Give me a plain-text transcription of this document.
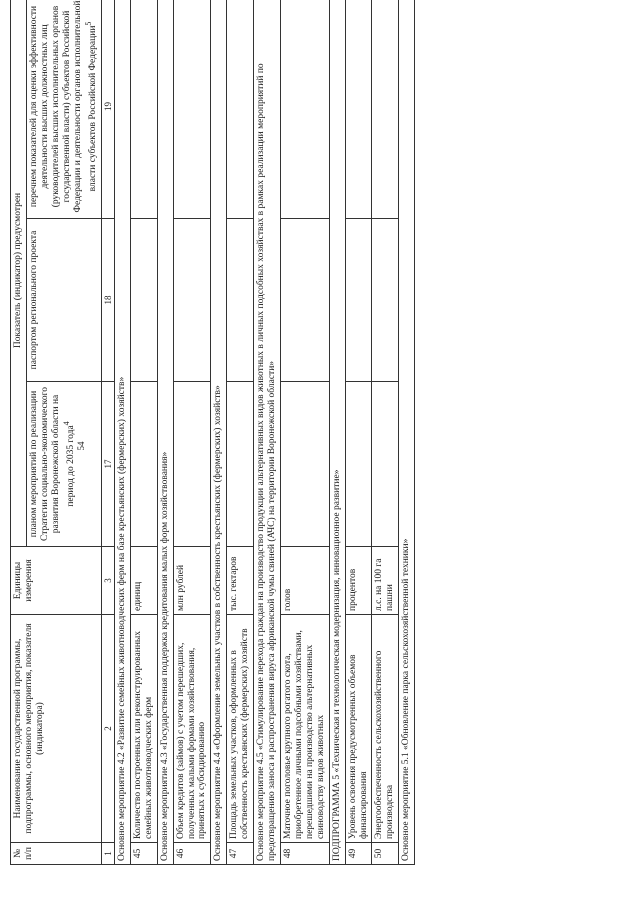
54
№ п/п	Наименование государственной программы, подпрограммы, основного мероприятия, показателя (индикатора)	Единицы измерения	Показатель (индикатор) предусмотрен		
			планом мероприятий по реализации Стратегии социально-экономического развития Воронежской области на период до 2035 года$^4$	паспортом регионального проекта	перечнем показателей для оценки эффективности деятельности высших должностных лиц (руководителей высших исполнительных органов государственной власти) субъектов Российской Федерации и деятельности органов исполнительной власти субъектов Российской Федерации$^5$
1	2	3	17	18	19
Основное мероприятие 4.2 «Развитие семейных животноводческих ферм на базе крестьянских (фермерских) хозяйств»					
45	Количество построенных или реконструированных семейных животноводческих ферм	единиц			
Основное мероприятие 4.3 «Государственная поддержка кредитования малых форм хозяйствования»					
46	Объем кредитов (займов) с учетом перешедших, полученных малыми формами хозяйствования, принятых к субсидированию	млн рублей			
Основное мероприятие 4.4 «Оформление земельных участков в собственность крестьянских (фермерских) хозяйств»					
47	Площадь земельных участков, оформленных в собственность крестьянских (фермерских) хозяйств	тыс. гектаров			
Основное мероприятие 4.5 «Стимулирование перехода граждан на производство продукции альтернативных видов животных в личных подсобных хозяйствах в рамках реализации мероприятий по предотвращению заноса и распространения вируса африканской чумы свиней (АЧС) на территории Воронежской области»					
48	Маточное поголовье крупного рогатого скота, приобретенное личными подсобными хозяйствами, перешедшими на производство альтернативных свиноводству видов животных	голов			
ПОДПРОГРАММА 5 «Техническая и технологическая модернизация, инновационное развитие»					
49	Уровень освоения предусмотренных объемов финансирования	процентов			
50	Энергообеспеченность сельскохозяйственного производства	л.с. на 100 га пашни			
Основное мероприятие 5.1 «Обновление парка сельскохозяйственной техники»					
